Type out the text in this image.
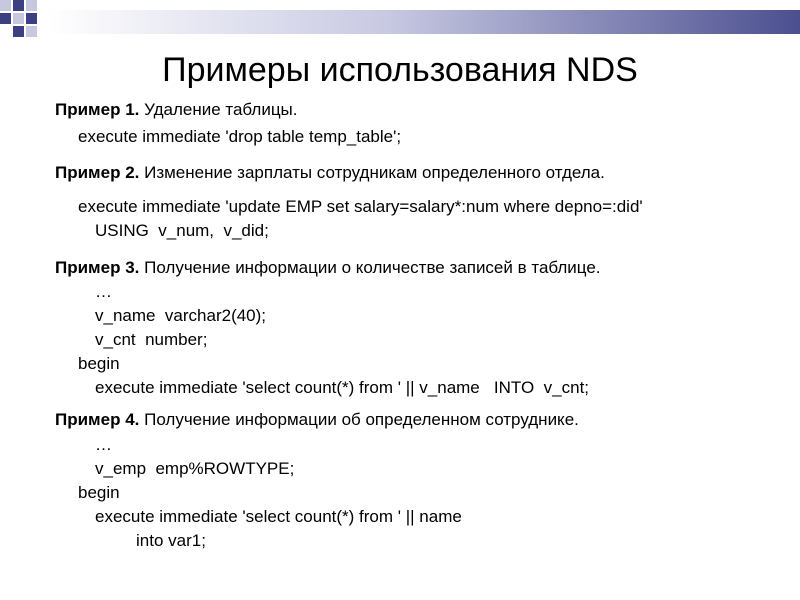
Примеры использования NDS
Пример 1. Удаление таблицы.
execute immediate 'drop table temp_table';
Пример 2. Изменение зарплаты сотрудникам определенного отдела.
execute immediate 'update EMP set salary=salary*:num where depno=:did'
USING  v_num,  v_did;
Пример 3. Получение информации о количестве записей в таблице.
…
v_name  varchar2(40);
v_cnt  number;
begin
execute immediate 'select count(*) from ' || v_name   INTO  v_cnt;
Пример 4. Получение информации об определенном сотруднике.
…
v_emp  emp%ROWTYPE;
begin
execute immediate 'select count(*) from ' || name
into var1;
